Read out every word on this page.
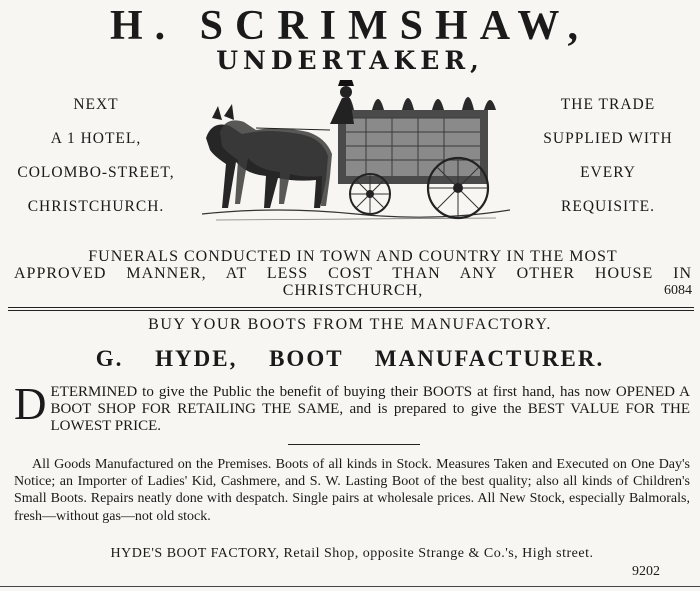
H. SCRIMSHAW,
UNDERTAKER,
NEXT
A 1 HOTEL,
COLOMBO-STREET,
CHRISTCHURCH.
THE TRADE
SUPPLIED WITH
EVERY
REQUISITE.
FUNERALS CONDUCTED IN TOWN AND COUNTRY IN THE MOST
APPROVED MANNER, AT LESS COST THAN ANY OTHER HOUSE IN
CHRISTCHURCH,	6084
BUY YOUR BOOTS FROM THE MANUFACTORY.
G. HYDE, BOOT MANUFACTURER.
D ETERMINED to give the Public the benefit of buying their BOOTS at first hand, has now OPENED A BOOT SHOP FOR RETAILING THE SAME, and is prepared to give the BEST VALUE FOR THE LOWEST PRICE.
All Goods Manufactured on the Premises. Boots of all kinds in Stock. Measures Taken and Executed on One Day's Notice; an Importer of Ladies' Kid, Cashmere, and S. W. Lasting Boot of the best quality; also all kinds of Children's Small Boots. Repairs neatly done with despatch. Single pairs at wholesale prices. All New Stock, especially Balmorals, fresh—without gas—not old stock.
HYDE'S BOOT FACTORY, Retail Shop, opposite Strange & Co.'s, High street.
9202
